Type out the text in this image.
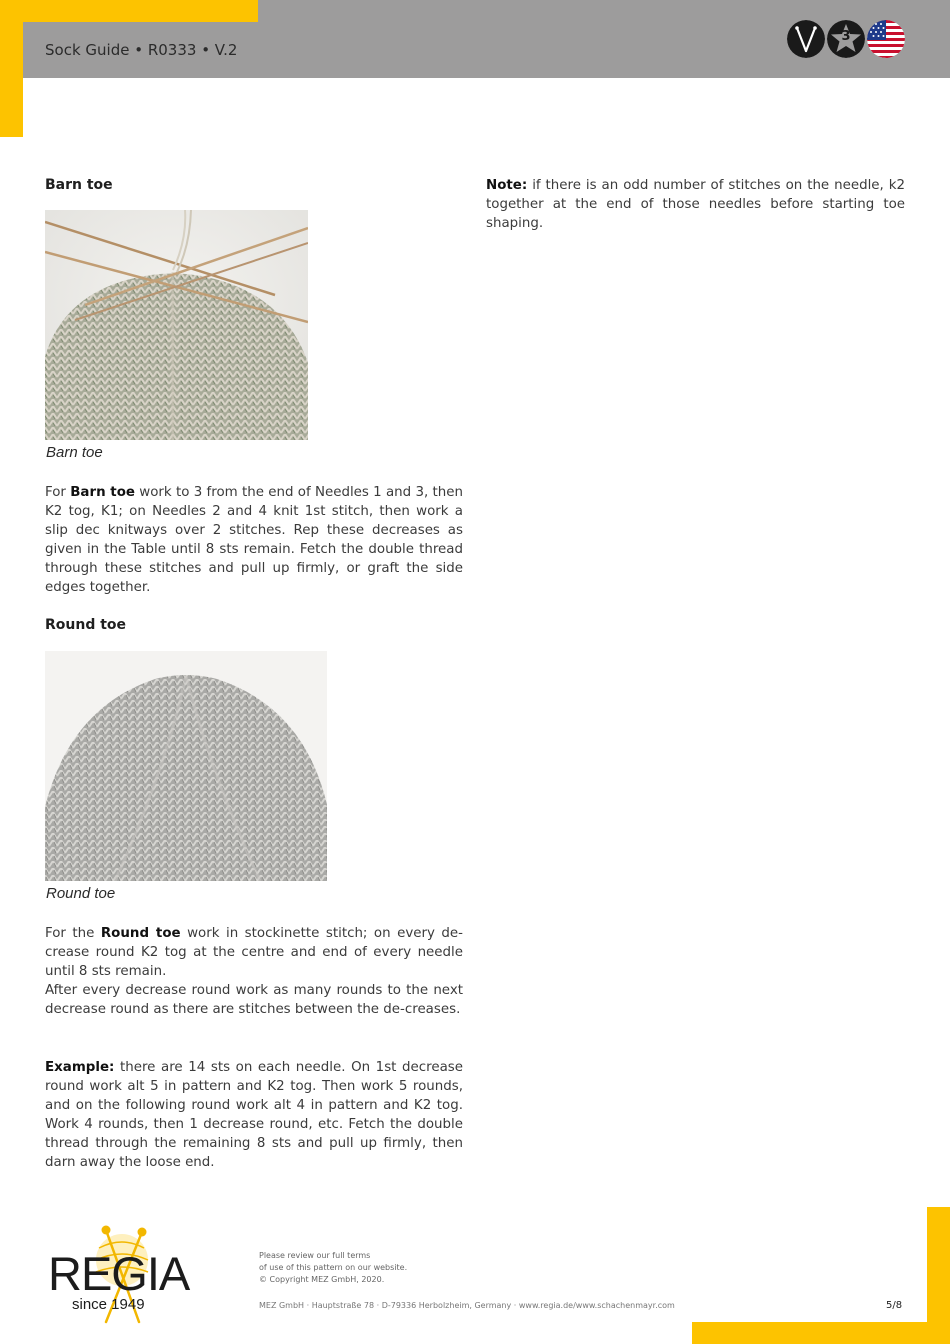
Sock Guide • R0333 • V.2
3
Barn toe
Barn toe
For Barn toe work to 3 from the end of Needles 1 and 3, then K2 tog, K1; on Needles 2 and 4 knit 1st stitch, then work a slip dec knitways over 2 stitches. Rep these decreases as given in the Table until 8 sts remain. Fetch the double thread through these stitches and pull up firmly, or graft the side edges together.
Round toe
Round toe
For the Round toe work in stockinette stitch; on every de-crease round K2 tog at the centre and end of every needle until 8 sts remain.
After every decrease round work as many rounds to the next decrease round as there are stitches between the de-creases.
Example: there are 14 sts on each needle. On 1st decrease round work alt 5 in pattern and K2 tog. Then work 5 rounds, and on the following round work alt 4 in pattern and K2 tog. Work 4 rounds, then 1 decrease round, etc. Fetch the double thread through the remaining 8 sts and pull up firmly, then darn away the loose end.
Note: if there is an odd number of stitches on the needle, k2 together at the end of those needles before starting toe shaping.
REGIA
since 1949
Please review our full terms
of use of this pattern on our website.
© Copyright MEZ GmbH, 2020.
MEZ GmbH · Hauptstraße 78 · D-79336 Herbolzheim, Germany · www.regia.de/www.schachenmayr.com	5/8
